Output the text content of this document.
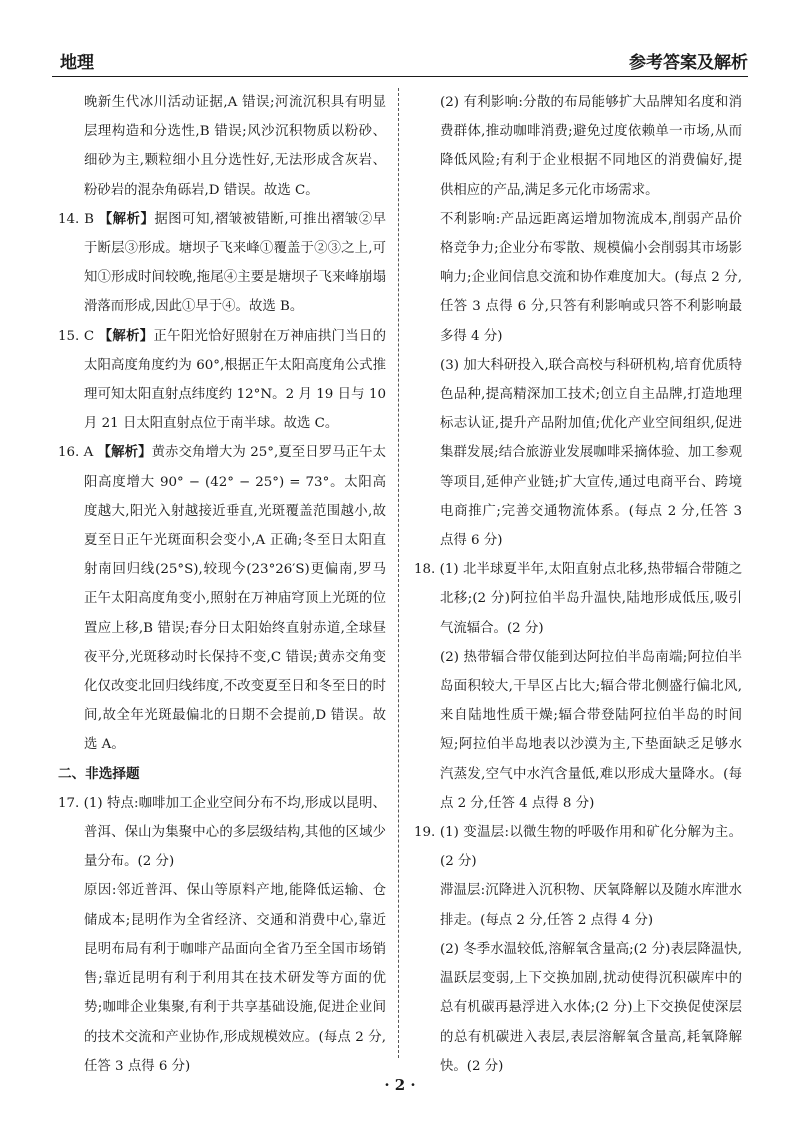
地理	参考答案及解析

晚新生代冰川活动证据,A 错误;河流沉积具有明显层理构造和分选性,B 错误;风沙沉积物质以粉砂、细砂为主,颗粒细小且分选性好,无法形成含灰岩、粉砂岩的混杂角砾岩,D 错误。故选 C。

14. B 【解析】据图可知,褶皱被错断,可推出褶皱②早于断层③形成。塘坝子飞来峰①覆盖于②③之上,可知①形成时间较晚,拖尾④主要是塘坝子飞来峰崩塌滑落而形成,因此①早于④。故选 B。

15. C 【解析】正午阳光恰好照射在万神庙拱门当日的太阳高度角度约为 60°,根据正午太阳高度角公式推理可知太阳直射点纬度约 12°N。2 月 19 日与 10 月 21 日太阳直射点位于南半球。故选 C。

16. A 【解析】黄赤交角增大为 25°,夏至日罗马正午太阳高度增大 90° − (42° − 25°) = 73°。太阳高度越大,阳光入射越接近垂直,光斑覆盖范围越小,故夏至日正午光斑面积会变小,A 正确;冬至日太阳直射南回归线(25°S),较现今(23°26′S)更偏南,罗马正午太阳高度角变小,照射在万神庙穹顶上光斑的位置应上移,B 错误;春分日太阳始终直射赤道,全球昼夜平分,光斑移动时长保持不变,C 错误;黄赤交角变化仅改变北回归线纬度,不改变夏至日和冬至日的时间,故全年光斑最偏北的日期不会提前,D 错误。故选 A。

二、非选择题

17. (1) 特点:咖啡加工企业空间分布不均,形成以昆明、普洱、保山为集聚中心的多层级结构,其他的区域少量分布。(2 分)

原因:邻近普洱、保山等原料产地,能降低运输、仓储成本;昆明作为全省经济、交通和消费中心,靠近昆明布局有利于咖啡产品面向全省乃至全国市场销售;靠近昆明有利于利用其在技术研发等方面的优势;咖啡企业集聚,有利于共享基础设施,促进企业间的技术交流和产业协作,形成规模效应。(每点 2 分,任答 3 点得 6 分)

(2) 有利影响:分散的布局能够扩大品牌知名度和消费群体,推动咖啡消费;避免过度依赖单一市场,从而降低风险;有利于企业根据不同地区的消费偏好,提供相应的产品,满足多元化市场需求。

不利影响:产品远距离运增加物流成本,削弱产品价格竞争力;企业分布零散、规模偏小会削弱其市场影响力;企业间信息交流和协作难度加大。(每点 2 分,任答 3 点得 6 分,只答有利影响或只答不利影响最多得 4 分)

(3) 加大科研投入,联合高校与科研机构,培育优质特色品种,提高精深加工技术;创立自主品牌,打造地理标志认证,提升产品附加值;优化产业空间组织,促进集群发展;结合旅游业发展咖啡采摘体验、加工参观等项目,延伸产业链;扩大宣传,通过电商平台、跨境电商推广;完善交通物流体系。(每点 2 分,任答 3 点得 6 分)

18. (1) 北半球夏半年,太阳直射点北移,热带辐合带随之北移;(2 分)阿拉伯半岛升温快,陆地形成低压,吸引气流辐合。(2 分)

(2) 热带辐合带仅能到达阿拉伯半岛南端;阿拉伯半岛面积较大,干旱区占比大;辐合带北侧盛行偏北风,来自陆地性质干燥;辐合带登陆阿拉伯半岛的时间短;阿拉伯半岛地表以沙漠为主,下垫面缺乏足够水汽蒸发,空气中水汽含量低,难以形成大量降水。(每点 2 分,任答 4 点得 8 分)

19. (1) 变温层:以微生物的呼吸作用和矿化分解为主。(2 分)

滞温层:沉降进入沉积物、厌氧降解以及随水库泄水排走。(每点 2 分,任答 2 点得 4 分)

(2) 冬季水温较低,溶解氧含量高;(2 分)表层降温快,温跃层变弱,上下交换加剧,扰动使得沉积碳库中的总有机碳再悬浮进入水体;(2 分)上下交换促使深层的总有机碳进入表层,表层溶解氧含量高,耗氧降解快。(2 分)

· 2 ·
